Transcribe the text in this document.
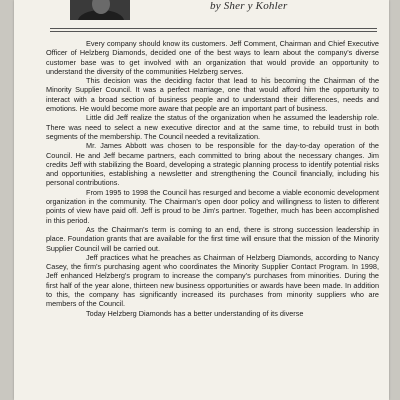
by Sher y Kohler

Every company should know its customers. Jeff Comment, Chairman and Chief Executive Officer of Helzberg Diamonds, decided one of the best ways to learn about the company's diverse customer base was to get involved with an organization that would provide an opportunity to understand the diversity of the communities Helzberg serves.

This decision was the deciding factor that lead to his becoming the Chairman of the Minority Supplier Council. It was a perfect marriage, one that would afford him the opportunity to interact with a broad section of business people and to understand their differences, needs and emotions. He would become more aware that people are an important part of business.

Little did Jeff realize the status of the organization when he assumed the leadership role. There was need to select a new executive director and at the same time, to rebuild trust in both segments of the membership. The Council needed a revitalization.

Mr. James Abbott was chosen to be responsible for the day-to-day operation of the Council. He and Jeff became partners, each committed to bring about the necessary changes. Jim credits Jeff with stabilizing the Board, developing a strategic planning process to identify potential risks and opportunities, establishing a newsletter and strengthening the Council financially, including his personal contributions.

From 1995 to 1998 the Council has resurged and become a viable economic development organization in the community. The Chairman's open door policy and willingness to listen to different points of view have paid off. Jeff is proud to be Jim's partner. Together, much has been accomplished in this period.

As the Chairman's term is coming to an end, there is strong succession leadership in place. Foundation grants that are available for the first time will ensure that the mission of the Minority Supplier Council will be carried out.

Jeff practices what he preaches as Chairman of Helzberg Diamonds, according to Nancy Casey, the firm's purchasing agent who coordinates the Minority Supplier Contact Program. In 1998, Jeff enhanced Helzberg's program to increase the company's purchases from minorities. During the first half of the year alone, thirteen new business opportunities or awards have been made. In addition to this, the company has significantly increased its purchases from minority suppliers who are members of the Council.

Today Helzberg Diamonds has a better understanding of its diverse
